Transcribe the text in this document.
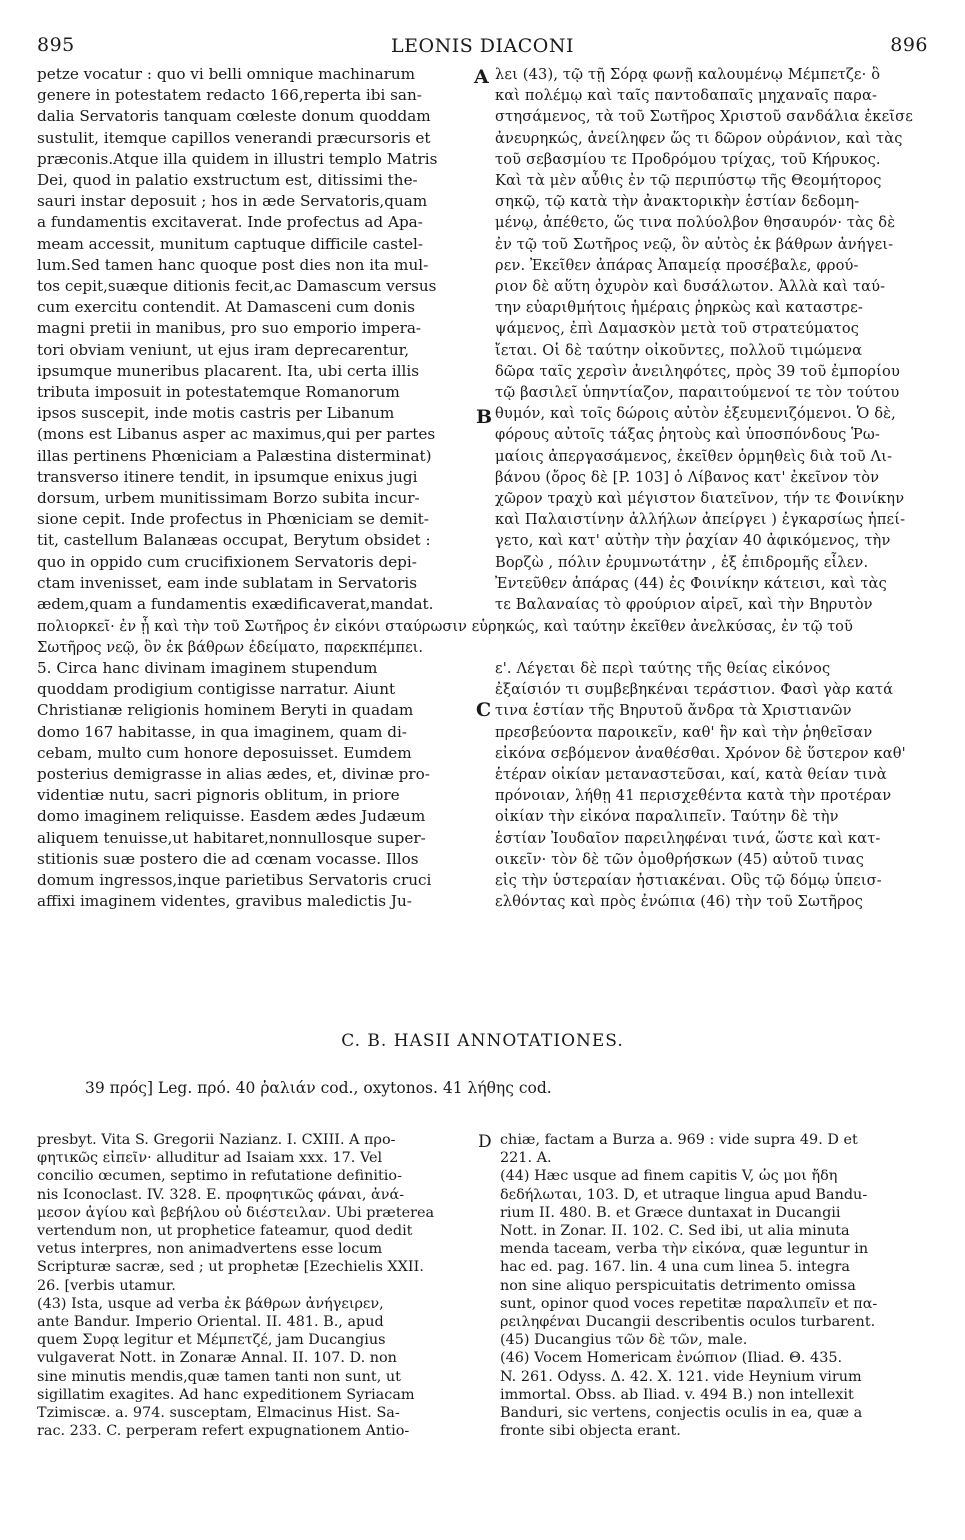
895	LEONIS DIACONI	896
petze vocatur : quo vi belli omnique machinarum
genere in potestatem redacto 166,reperta ibi san-
dalia Servatoris tanquam cœleste donum quoddam
sustulit, itemque capillos venerandi præcursoris et
præconis.Atque illa quidem in illustri templo Matris
Dei, quod in palatio exstructum est, ditissimi the-
sauri instar deposuit ; hos in æde Servatoris,quam
a fundamentis excitaverat. Inde profectus ad Apa-
meam accessit, munitum captuque difficile castel-
lum.Sed tamen hanc quoque post dies non ita mul-
tos cepit,suæque ditionis fecit,ac Damascum versus
cum exercitu contendit. At Damasceni cum donis
magni pretii in manibus, pro suo emporio impera-
tori obviam veniunt, ut ejus iram deprecarentur,
ipsumque muneribus placarent. Ita, ubi certa illis
tributa imposuit in potestatemque Romanorum
ipsos suscepit, inde motis castris per Libanum
(mons est Libanus asper ac maximus,qui per partes
illas pertinens Phœniciam a Palæstina disterminat)
transverso itinere tendit, in ipsumque enixus jugi
dorsum, urbem munitissimam Borzo subita incur-
sione cepit. Inde profectus in Phœniciam se demit-
tit, castellum Balanæas occupat, Berytum obsidet :
quo in oppido cum crucifixionem Servatoris depi-
ctam invenisset, eam inde sublatam in Servatoris
ædem,quam a fundamentis exædificaverat,mandat.
λει (43), τῷ τῇ Σόρᾳ φωνῇ καλουμένῳ Μέμπετζε· ὃ
καὶ πολέμῳ καὶ ταῖς παντοδαπαῖς μηχαναῖς παρα-
στησάμενος, τὰ τοῦ Σωτῆρος Χριστοῦ σανδάλια ἐκεῖσε
ἀνευρηκώς, ἀνείληφεν ὥς τι δῶρον οὐράνιον, καὶ τὰς
τοῦ σεβασμίου τε Προδρόμου τρίχας, τοῦ Κήρυκος.
Καὶ τὰ μὲν αὖθις ἐν τῷ περιπύστῳ τῆς Θεομήτορος
σηκῷ, τῷ κατὰ τὴν ἀνακτορικὴν ἑστίαν δεδομη-
μένῳ, ἀπέθετο, ὥς τινα πολύολβον θησαυρόν· τὰς δὲ
ἐν τῷ τοῦ Σωτῆρος νεῷ, ὃν αὐτὸς ἐκ βάθρων ἀνήγει-
ρεν. Ἐκεῖθεν ἀπάρας Ἀπαμείᾳ προσέβαλε, φρού-
ριον δὲ αὕτη ὀχυρὸν καὶ δυσάλωτον. Ἀλλὰ καὶ ταύ-
την εὐαριθμήτοις ἡμέραις ῥηρκὼς καὶ καταστρε-
ψάμενος, ἐπὶ Δαμασκὸν μετὰ τοῦ στρατεύματος
ἴεται. Οἱ δὲ ταύτην οἰκοῦντες, πολλοῦ τιμώμενα
δῶρα ταῖς χερσὶν ἀνειληφότες, πρὸς 39 τοῦ ἐμπορίου
τῷ βασιλεῖ ὑπηντίαζον, παραιτούμενοί τε τὸν τούτου
θυμόν, καὶ τοῖς δώροις αὐτὸν ἐξευμενιζόμενοι. Ὁ δὲ,
φόρους αὐτοῖς τάξας ῥητοὺς καὶ ὑποσπόνδους Ῥω-
μαίοις ἀπεργασάμενος, ἐκεῖθεν ὁρμηθεὶς διὰ τοῦ Λι-
βάνου (ὄρος δὲ [P. 103] ὁ Λίβανος κατ' ἐκεῖνον τὸν
χῶρον τραχὺ καὶ μέγιστον διατεῖνον, τήν τε Φοινίκην
καὶ Παλαιστίνην ἀλλήλων ἀπείργει ) ἐγκαρσίως ἠπεί-
γετο, καὶ κατ' αὐτὴν τὴν ῥαχίαν 40 ἀφικόμενος, τὴν
Βορζὼ , πόλιν ἐρυμνωτάτην , ἐξ ἐπιδρομῆς εἷλεν.
Ἐντεῦθεν ἀπάρας (44) ἐς Φοινίκην κάτεισι, καὶ τὰς
τε Βαλαναίας τὸ φρούριον αἱρεῖ, καὶ τὴν Βηρυτὸν
A
B
πολιορκεῖ· ἐν ᾗ καὶ τὴν τοῦ Σωτῆρος ἐν εἰκόνι σταύρωσιν εὑρηκώς, καὶ ταύτην ἐκεῖθεν ἀνελκύσας, ἐν τῷ τοῦ
Σωτῆρος νεῷ, ὃν ἐκ βάθρων ἐδείματο, παρεκπέμπει.
5. Circa hanc divinam imaginem stupendum
quoddam prodigium contigisse narratur. Aiunt
Christianæ religionis hominem Beryti in quadam
domo 167 habitasse, in qua imaginem, quam di-
cebam, multo cum honore deposuisset. Eumdem
posterius demigrasse in alias ædes, et, divinæ pro-
videntiæ nutu, sacri pignoris oblitum, in priore
domo imaginem reliquisse. Easdem ædes Judæum
aliquem tenuisse,ut habitaret,nonnullosque super-
stitionis suæ postero die ad cœnam vocasse. Illos
domum ingressos,inque parietibus Servatoris cruci
affixi imaginem videntes, gravibus maledictis Ju-
ε'. Λέγεται δὲ περὶ ταύτης τῆς θείας εἰκόνος
ἐξαίσιόν τι συμβεβηκέναι τεράστιον. Φασὶ γὰρ κατά
τινα ἑστίαν τῆς Βηρυτοῦ ἄνδρα τὰ Χριστιανῶν
πρεσβεύοντα παροικεῖν, καθ' ἣν καὶ τὴν ῥηθεῖσαν
εἰκόνα σεβόμενον ἀναθέσθαι. Χρόνον δὲ ὕστερον καθ'
ἑτέραν οἰκίαν μεταναστεῦσαι, καί, κατὰ θείαν τινὰ
πρόνοιαν, λήθῃ 41 περισχεθέντα κατὰ τὴν προτέραν
οἰκίαν τὴν εἰκόνα παραλιπεῖν. Ταύτην δὲ τὴν
ἑστίαν Ἰουδαῖον παρειληφέναι τινά, ὥστε καὶ κατ-
οικεῖν· τὸν δὲ τῶν ὁμοθρήσκων (45) αὐτοῦ τινας
εἰς τὴν ὑστεραίαν ἠστιακέναι. Οὓς τῷ δόμῳ ὑπεισ-
ελθόντας καὶ πρὸς ἐνώπια (46) τὴν τοῦ Σωτῆρος
C
C. B. HASII ANNOTATIONES.
39 πρός] Leg. πρό. 40 ῥαλιάν cod., oxytonos. 41 λήθης cod.
presbyt. Vita S. Gregorii Nazianz. I. CXIII. A προ-
φητικῶς εἰπεῖν· alluditur ad Isaiam xxx. 17. Vel
concilio œcumen, septimo in refutatione definitio-
nis Iconoclast. IV. 328. E. προφητικῶς φάναι, ἀνά-
μεσον ἁγίου καὶ βεβήλου οὐ διέστειλαν. Ubi præterea
vertendum non, ut prophetice fateamur, quod dedit
vetus interpres, non animadvertens esse locum
Scripturæ sacræ, sed ; ut prophetæ [Ezechielis XXII.
26. [verbis utamur.
(43) Ista, usque ad verba ἐκ βάθρων ἀνήγειρεν,
ante Bandur. Imperio Oriental. II. 481. B., apud
quem Συρᾳ legitur et Μέμπετζέ, jam Ducangius
vulgaverat Nott. in Zonaræ Annal. II. 107. D. non
sine minutis mendis,quæ tamen tanti non sunt, ut
sigillatim exagites. Ad hanc expeditionem Syriacam
Tzimiscæ. a. 974. susceptam, Elmacinus Hist. Sa-
rac. 233. C. perperam refert expugnationem Antio-
chiæ, factam a Burza a. 969 : vide supra 49. D et
221. A.
(44) Hæc usque ad finem capitis V, ὡς μοι ἤδη
δεδήλωται, 103. D, et utraque lingua apud Bandu-
rium II. 480. B. et Græce duntaxat in Ducangii
Nott. in Zonar. II. 102. C. Sed ibi, ut alia minuta
menda taceam, verba τὴν εἰκόνα, quæ leguntur in
hac ed. pag. 167. lin. 4 una cum linea 5. integra
non sine aliquo perspicuitatis detrimento omissa
sunt, opinor quod voces repetitæ παραλιπεῖν et πα-
ρειληφέναι Ducangii describentis oculos turbarent.
(45) Ducangius τῶν δὲ τῶν, male.
(46) Vocem Homericam ἐνώπιον (Iliad. Θ. 435.
N. 261. Odyss. Δ. 42. X. 121. vide Heynium virum
immortal. Obss. ab Iliad. v. 494 B.) non intellexit
Banduri, sic vertens, conjectis oculis in ea, quæ a
fronte sibi objecta erant.
D
